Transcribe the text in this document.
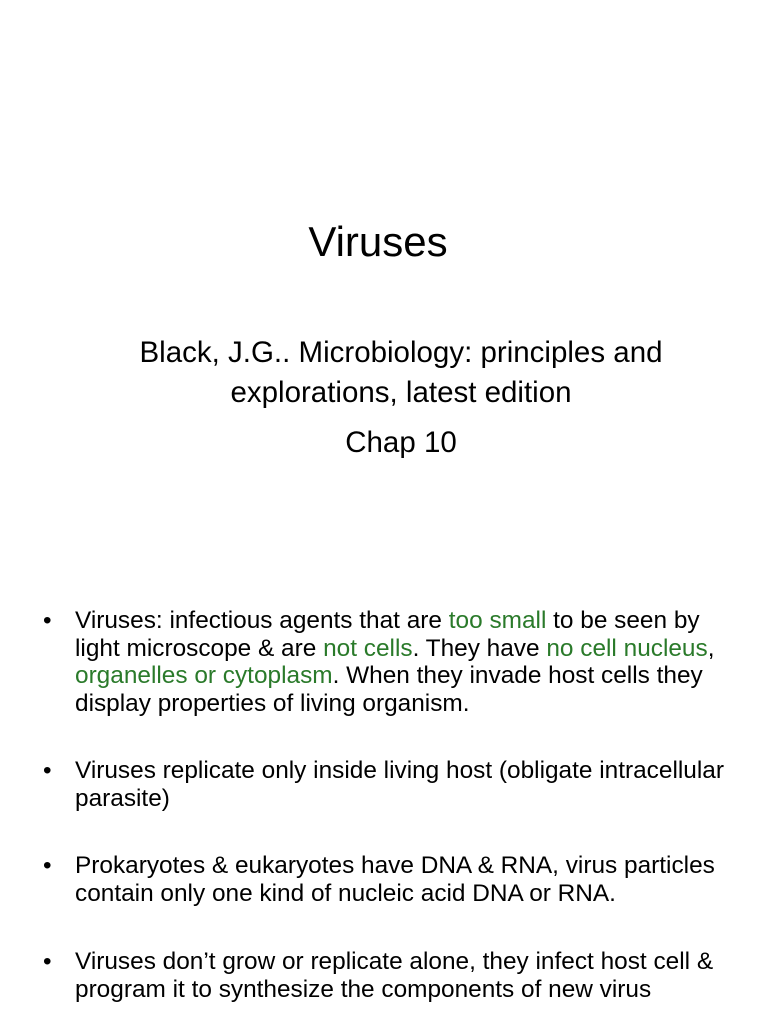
Viruses
Black, J.G.. Microbiology: principles and explorations, latest edition
Chap 10
• Viruses: infectious agents that are too small to be seen by light microscope & are not cells. They have no cell nucleus, organelles or cytoplasm. When they invade host cells they display properties of living organism.
• Viruses replicate only inside living host (obligate intracellular parasite)
• Prokaryotes & eukaryotes have DNA & RNA, virus particles contain only one kind of nucleic acid DNA or RNA.
• Viruses don’t grow or replicate alone, they infect host cell & program it to synthesize the components of new virus
